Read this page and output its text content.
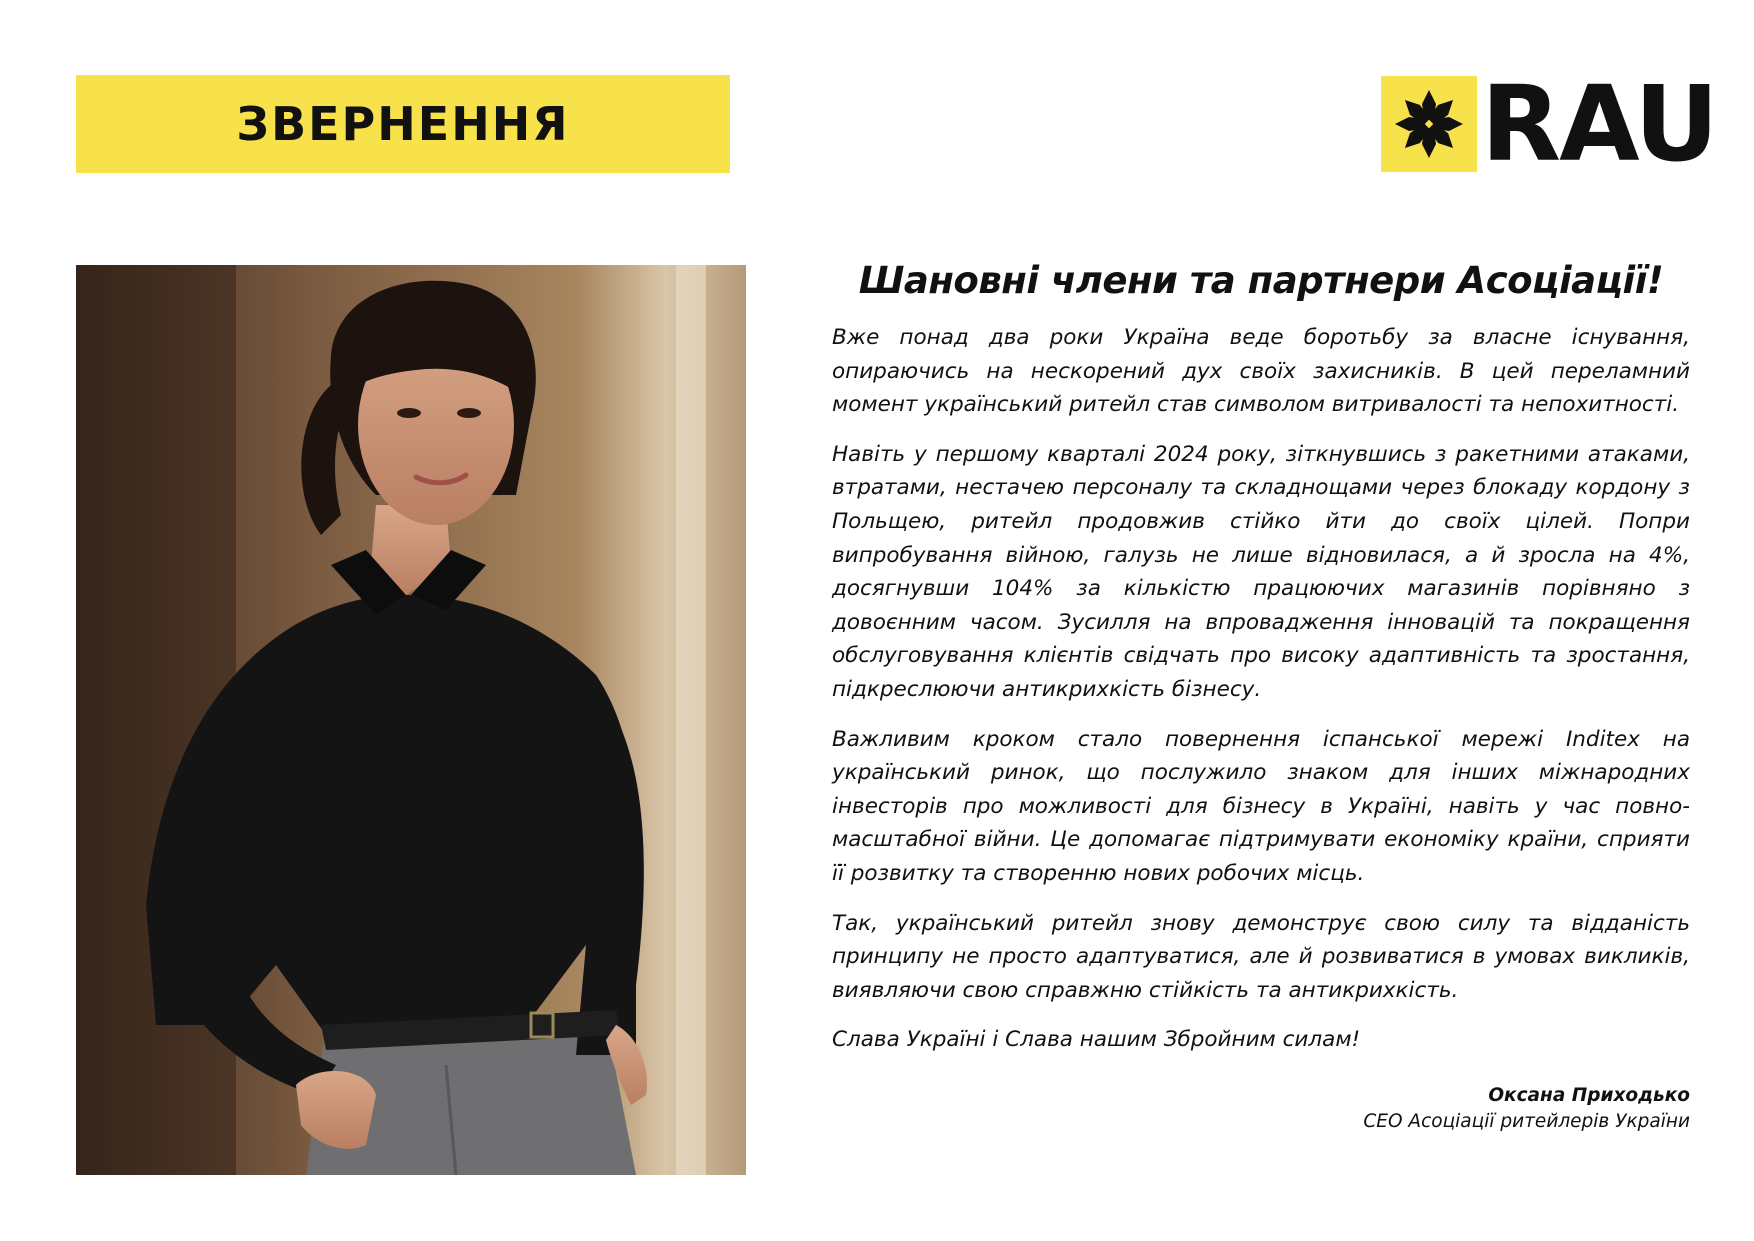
ЗВЕРНЕННЯ	RAU
Шановні члени та партнери Асоціації!

Вже понад два роки Україна веде боротьбу за власне існування, опираючись на нескорений дух своїх захисників. В цей переламний момент український ритейл став символом витривалості та непохитності.

Навіть у першому кварталі 2024 року, зіткнувшись з ракетними атаками, втратами, нестачею персоналу та складнощами через блокаду кордону з Польщею, ритейл продовжив стійко йти до своїх цілей. Попри випробування війною, галузь не лише відновилася, а й зросла на 4%, досягнувши 104% за кількістю працюючих магазинів порівняно з довоєнним часом. Зусилля на впровадження інновацій та покращення обслуговування клієнтів свідчать про високу адаптивність та зростання, підкреслюючи антикрихкість бізнесу.

Важливим кроком стало повернення іспанської мережі Inditex на український ринок, що послужило знаком для інших міжнародних інвесторів про можливості для бізнесу в Україні, навіть у час повно-масштабної війни. Це допомагає підтримувати економіку країни, сприяти її розвитку та створенню нових робочих місць.

Так, український ритейл знову демонструє свою силу та відданість принципу не просто адаптуватися, але й розвиватися в умовах викликів, виявляючи свою справжню стійкість та антикрихкість.

Слава Україні і Слава нашим Збройним силам!

Оксана Приходько
CEO Асоціації ритейлерів України
